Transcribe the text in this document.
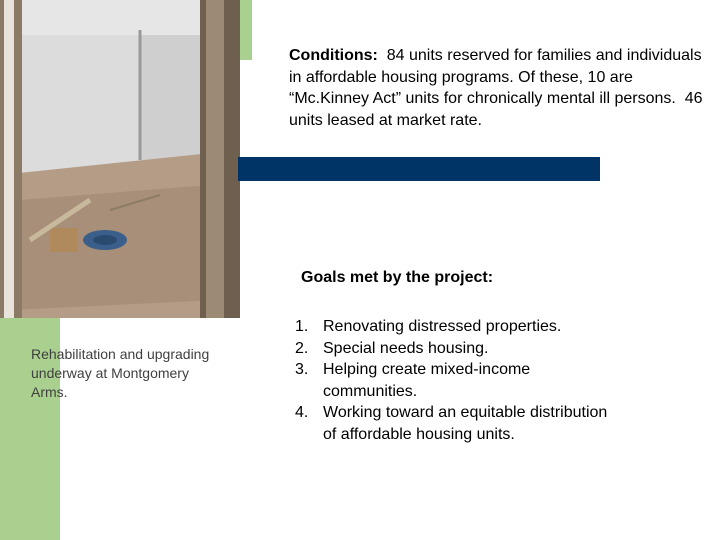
Rehabilitation and upgrading underway at Montgomery Arms.
Conditions:  84 units reserved for families and individuals in affordable housing programs. Of these, 10 are “Mc.Kinney Act” units for chronically mental ill persons.  46 units leased at market rate.
Goals met by the project:
1. Renovating distressed properties.
2. Special needs housing.
3. Helping create mixed-income communities.
4. Working toward an equitable distribution of affordable housing units.
